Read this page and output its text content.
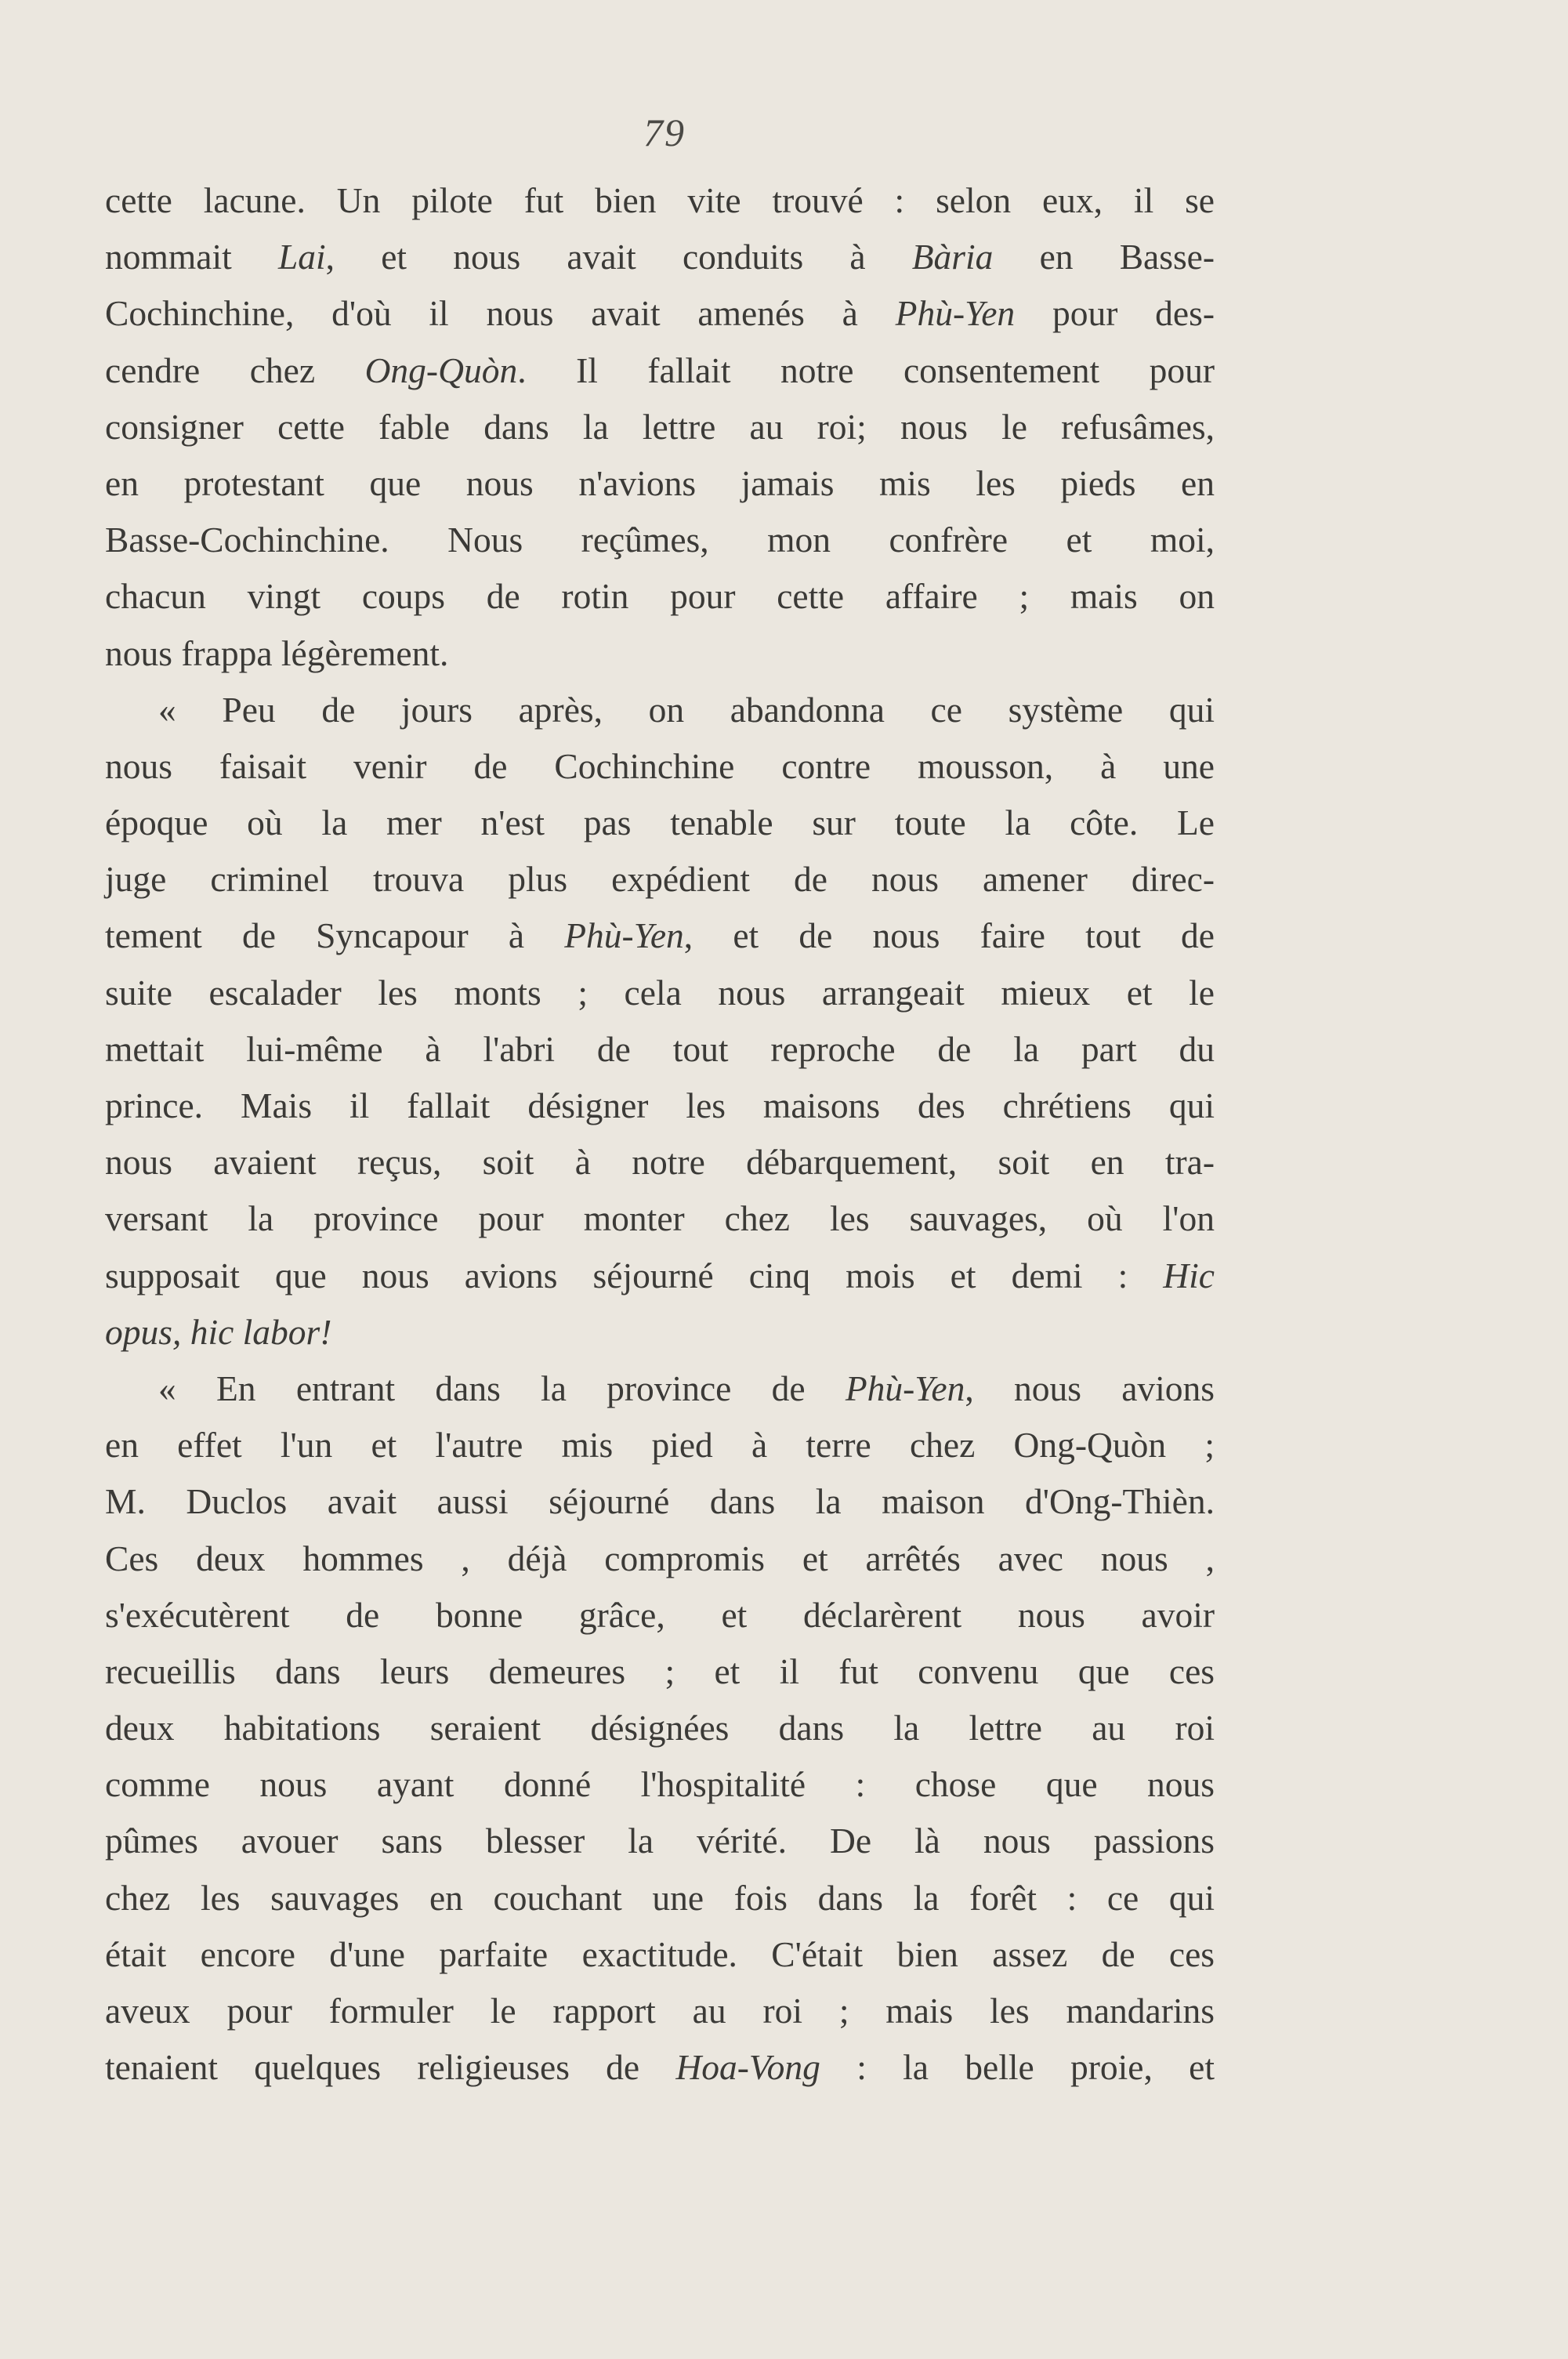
79
cette lacune. Un pilote fut bien vite trouvé : selon eux, il se
nommait Lai, et nous avait conduits à Bària en Basse-
Cochinchine, d'où il nous avait amenés à Phù-Yen pour des-
cendre chez Ong-Quòn. Il fallait notre consentement pour
consigner cette fable dans la lettre au roi; nous le refusâmes,
en protestant que nous n'avions jamais mis les pieds en
Basse-Cochinchine. Nous reçûmes, mon confrère et moi,
chacun vingt coups de rotin pour cette affaire ; mais on
nous frappa légèrement.
« Peu de jours après, on abandonna ce système qui
nous faisait venir de Cochinchine contre mousson, à une
époque où la mer n'est pas tenable sur toute la côte. Le
juge criminel trouva plus expédient de nous amener direc-
tement de Syncapour à Phù-Yen, et de nous faire tout de
suite escalader les monts ; cela nous arrangeait mieux et le
mettait lui-même à l'abri de tout reproche de la part du
prince. Mais il fallait désigner les maisons des chrétiens qui
nous avaient reçus, soit à notre débarquement, soit en tra-
versant la province pour monter chez les sauvages, où l'on
supposait que nous avions séjourné cinq mois et demi : Hic
opus, hic labor!
« En entrant dans la province de Phù-Yen, nous avions
en effet l'un et l'autre mis pied à terre chez Ong-Quòn ;
M. Duclos avait aussi séjourné dans la maison d'Ong-Thièn.
Ces deux hommes , déjà compromis et arrêtés avec nous ,
s'exécutèrent de bonne grâce, et déclarèrent nous avoir
recueillis dans leurs demeures ; et il fut convenu que ces
deux habitations seraient désignées dans la lettre au roi
comme nous ayant donné l'hospitalité : chose que nous
pûmes avouer sans blesser la vérité. De là nous passions
chez les sauvages en couchant une fois dans la forêt : ce qui
était encore d'une parfaite exactitude. C'était bien assez de ces
aveux pour formuler le rapport au roi ; mais les mandarins
tenaient quelques religieuses de Hoa-Vong : la belle proie, et
